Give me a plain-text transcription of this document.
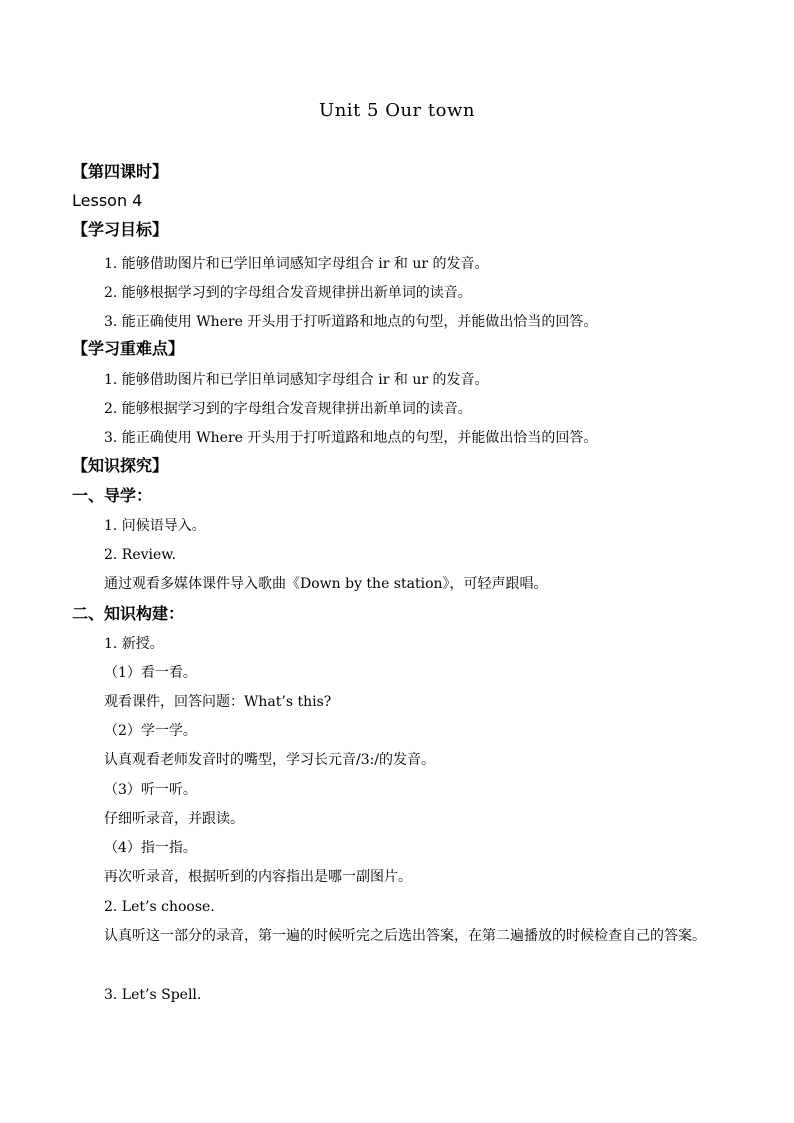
Unit 5 Our town
【第四课时】
Lesson 4
【学习目标】
1. 能够借助图片和已学旧单词感知字母组合 ir 和 ur 的发音。
2. 能够根据学习到的字母组合发音规律拼出新单词的读音。
3. 能正确使用 Where 开头用于打听道路和地点的句型，并能做出恰当的回答。
【学习重难点】
1. 能够借助图片和已学旧单词感知字母组合 ir 和 ur 的发音。
2. 能够根据学习到的字母组合发音规律拼出新单词的读音。
3. 能正确使用 Where 开头用于打听道路和地点的句型，并能做出恰当的回答。
【知识探究】
一、导学：
1. 问候语导入。
2. Review.
通过观看多媒体课件导入歌曲《Down by the station》，可轻声跟唱。
二、知识构建：
1. 新授。
（1）看一看。
观看课件，回答问题：What’s this?
（2）学一学。
认真观看老师发音时的嘴型，学习长元音/3:/的发音。
（3）听一听。
仔细听录音，并跟读。
（4）指一指。
再次听录音，根据听到的内容指出是哪一副图片。
2. Let’s choose.
认真听这一部分的录音，第一遍的时候听完之后选出答案，在第二遍播放的时候检查自己的答案。
3. Let’s Spell.
